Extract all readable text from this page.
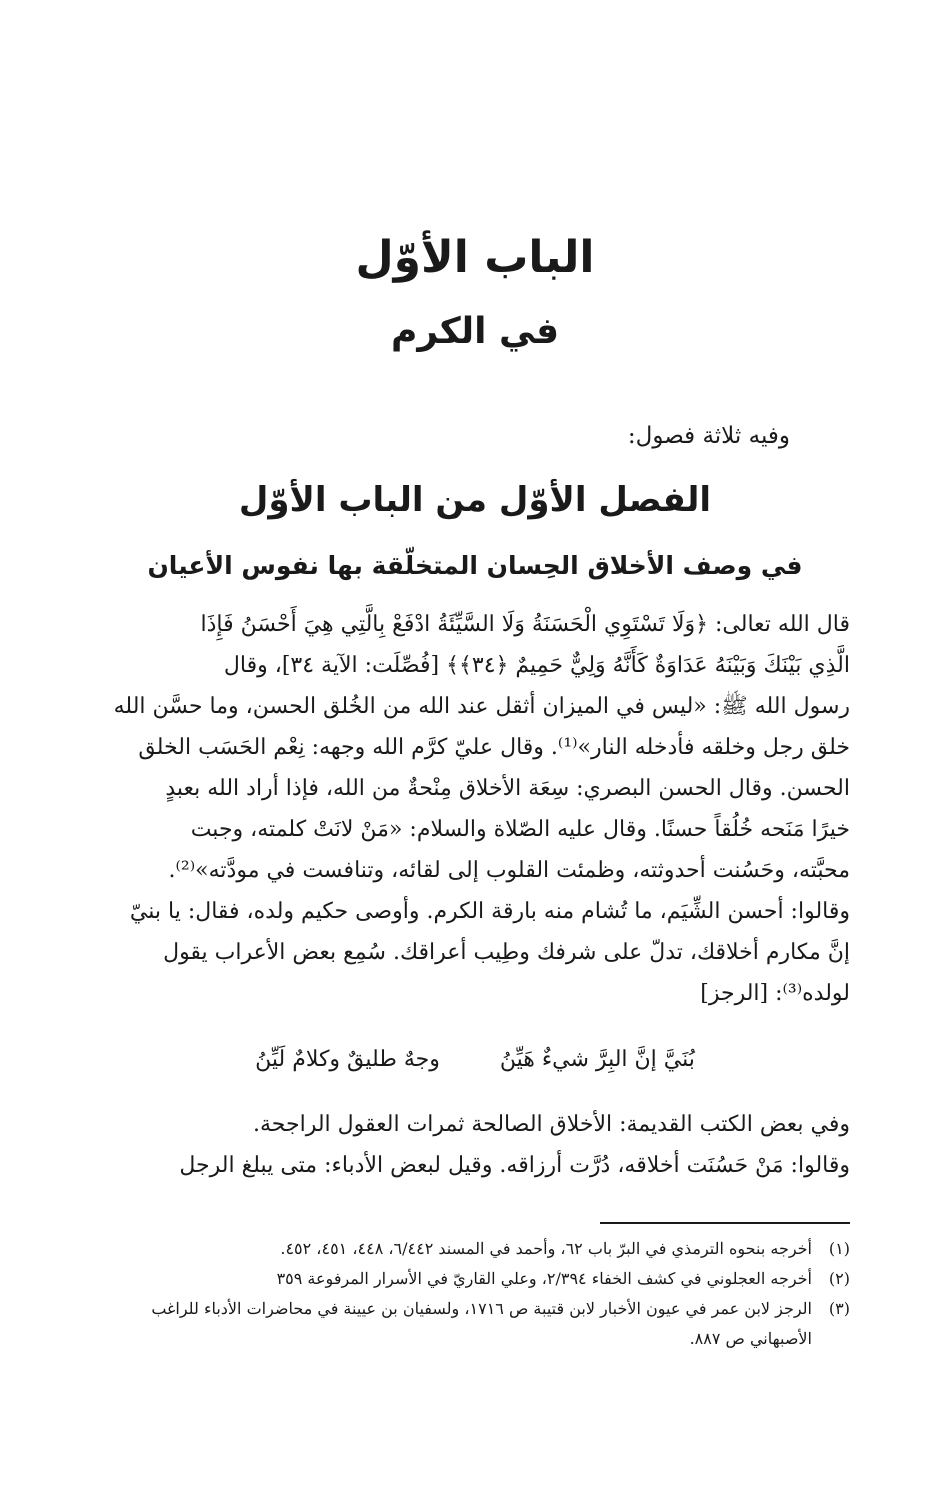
الباب الأوّل
في الكرم

وفيه ثلاثة فصول:

الفصل الأوّل من الباب الأوّل
في وصف الأخلاق الحِسان المتخلّقة بها نفوس الأعيان
قال الله تعالى: ﴿وَلَا تَسْتَوِي الْحَسَنَةُ وَلَا السَّيِّئَةُ ادْفَعْ بِالَّتِي هِيَ أَحْسَنُ فَإِذَا
الَّذِي بَيْنَكَ وَبَيْنَهُ عَدَاوَةٌ كَأَنَّهُ وَلِيٌّ حَمِيمٌ ﴿٣٤﴾﴾ [فُصِّلَت: الآية ٣٤]، وقال
رسول الله ﷺ: «ليس في الميزان أثقل عند الله من الخُلق الحسن، وما حسَّن الله
خلق رجل وخلقه فأدخله النار»⁽¹⁾. وقال عليّ كرَّم الله وجهه: نِعْم الحَسَب الخلق
الحسن. وقال الحسن البصري: سِعَة الأخلاق مِنْحةٌ من الله، فإذا أراد الله بعبدٍ
خيرًا مَنَحه خُلُقاً حسنًا. وقال عليه الصّلاة والسلام: «مَنْ لانَتْ كلمته، وجبت
محبَّته، وحَسُنت أحدوثته، وظمئت القلوب إلى لقائه، وتنافست في مودَّته»⁽²⁾.
وقالوا: أحسن الشِّيَم، ما تُشام منه بارقة الكرم. وأوصى حكيم ولده، فقال: يا بنيّ
إنَّ مكارم أخلاقك، تدلّ على شرفك وطِيب أعراقك. سُمِع بعض الأعراب يقول
لولده⁽³⁾: [الرجز]
بُنَيَّ إنَّ البِرَّ شيءٌ هَيِّنُ
وجهٌ طليقٌ وكلامٌ لَيِّنُ
وفي بعض الكتب القديمة: الأخلاق الصالحة ثمرات العقول الراجحة.
وقالوا: مَنْ حَسُنَت أخلاقه، دُرَّت أرزاقه. وقيل لبعض الأدباء: متى يبلغ الرجل
(١)
أخرجه بنحوه الترمذي في البرّ باب ٦٢، وأحمد في المسند ٦/٤٤٢، ٤٤٨، ٤٥١، ٤٥٢.
(٢)
أخرجه العجلوني في كشف الخفاء ٢/٣٩٤، وعلي القاريّ في الأسرار المرفوعة ٣٥٩
(٣)
الرجز لابن عمر في عيون الأخبار لابن قتيبة ص ١٧١٦، ولسفيان بن عيينة في محاضرات الأدباء للراغب الأصبهاني ص ٨٨٧.
